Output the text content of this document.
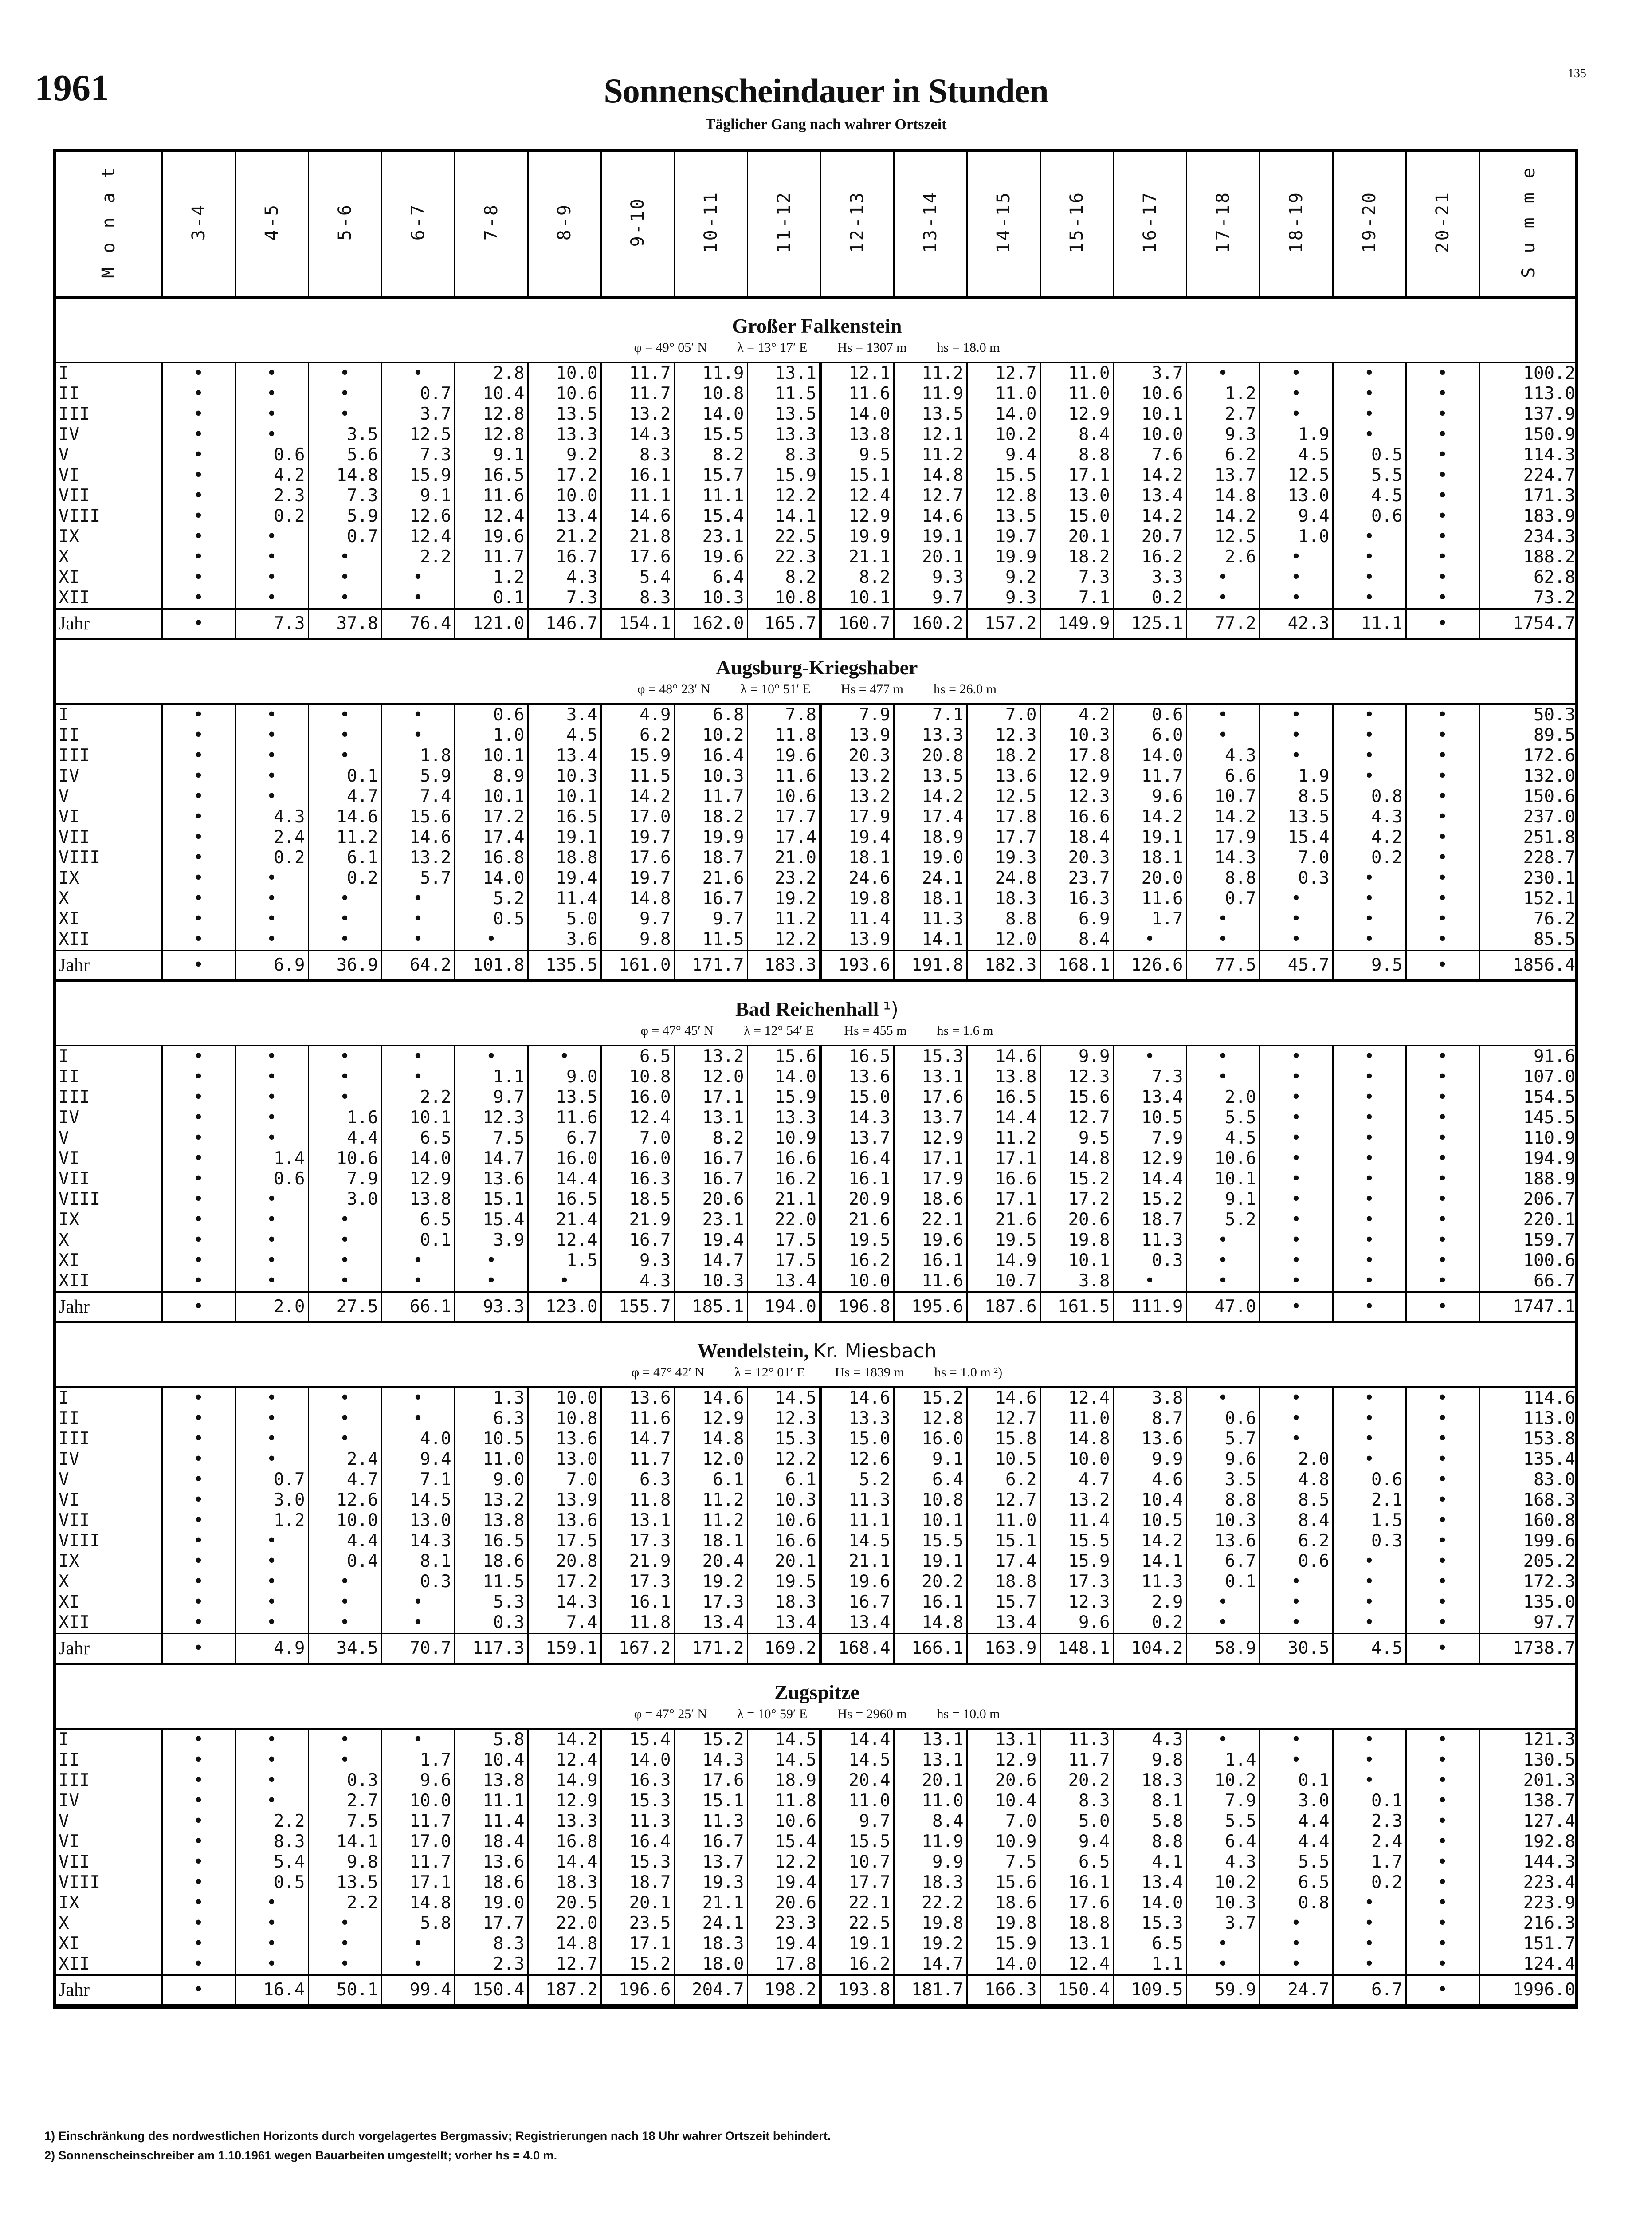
1961	Sonnenscheindauer in Stunden
Täglicher Gang nach wahrer Ortszeit
135
M o n a t	3-4	4-5	5-6	6-7	7-8	8-9	9-10	10-11	11-12	12-13	13-14	14-15	15-16	16-17	17-18	18-19	19-20	20-21	S u m m e
Großer Falkenstein																			
φ = 49° 05′ N λ = 13° 17′ E Hs = 1307 m hs = 18.0 m																			
I	•	•	•	•	2.8	10.0	11.7	11.9	13.1	12.1	11.2	12.7	11.0	3.7	•	•	•	•	100.2
II	•	•	•	0.7	10.4	10.6	11.7	10.8	11.5	11.6	11.9	11.0	11.0	10.6	1.2	•	•	•	113.0
III	•	•	•	3.7	12.8	13.5	13.2	14.0	13.5	14.0	13.5	14.0	12.9	10.1	2.7	•	•	•	137.9
IV	•	•	3.5	12.5	12.8	13.3	14.3	15.5	13.3	13.8	12.1	10.2	8.4	10.0	9.3	1.9	•	•	150.9
V	•	0.6	5.6	7.3	9.1	9.2	8.3	8.2	8.3	9.5	11.2	9.4	8.8	7.6	6.2	4.5	0.5	•	114.3
VI	•	4.2	14.8	15.9	16.5	17.2	16.1	15.7	15.9	15.1	14.8	15.5	17.1	14.2	13.7	12.5	5.5	•	224.7
VII	•	2.3	7.3	9.1	11.6	10.0	11.1	11.1	12.2	12.4	12.7	12.8	13.0	13.4	14.8	13.0	4.5	•	171.3
VIII	•	0.2	5.9	12.6	12.4	13.4	14.6	15.4	14.1	12.9	14.6	13.5	15.0	14.2	14.2	9.4	0.6	•	183.9
IX	•	•	0.7	12.4	19.6	21.2	21.8	23.1	22.5	19.9	19.1	19.7	20.1	20.7	12.5	1.0	•	•	234.3
X	•	•	•	2.2	11.7	16.7	17.6	19.6	22.3	21.1	20.1	19.9	18.2	16.2	2.6	•	•	•	188.2
XI	•	•	•	•	1.2	4.3	5.4	6.4	8.2	8.2	9.3	9.2	7.3	3.3	•	•	•	•	62.8
XII	•	•	•	•	0.1	7.3	8.3	10.3	10.8	10.1	9.7	9.3	7.1	0.2	•	•	•	•	73.2
Jahr	•	7.3	37.8	76.4	121.0	146.7	154.1	162.0	165.7	160.7	160.2	157.2	149.9	125.1	77.2	42.3	11.1	•	1754.7
Augsburg-Kriegshaber																			
φ = 48° 23′ N λ = 10° 51′ E Hs = 477 m hs = 26.0 m																			
I	•	•	•	•	0.6	3.4	4.9	6.8	7.8	7.9	7.1	7.0	4.2	0.6	•	•	•	•	50.3
II	•	•	•	•	1.0	4.5	6.2	10.2	11.8	13.9	13.3	12.3	10.3	6.0	•	•	•	•	89.5
III	•	•	•	1.8	10.1	13.4	15.9	16.4	19.6	20.3	20.8	18.2	17.8	14.0	4.3	•	•	•	172.6
IV	•	•	0.1	5.9	8.9	10.3	11.5	10.3	11.6	13.2	13.5	13.6	12.9	11.7	6.6	1.9	•	•	132.0
V	•	•	4.7	7.4	10.1	10.1	14.2	11.7	10.6	13.2	14.2	12.5	12.3	9.6	10.7	8.5	0.8	•	150.6
VI	•	4.3	14.6	15.6	17.2	16.5	17.0	18.2	17.7	17.9	17.4	17.8	16.6	14.2	14.2	13.5	4.3	•	237.0
VII	•	2.4	11.2	14.6	17.4	19.1	19.7	19.9	17.4	19.4	18.9	17.7	18.4	19.1	17.9	15.4	4.2	•	251.8
VIII	•	0.2	6.1	13.2	16.8	18.8	17.6	18.7	21.0	18.1	19.0	19.3	20.3	18.1	14.3	7.0	0.2	•	228.7
IX	•	•	0.2	5.7	14.0	19.4	19.7	21.6	23.2	24.6	24.1	24.8	23.7	20.0	8.8	0.3	•	•	230.1
X	•	•	•	•	5.2	11.4	14.8	16.7	19.2	19.8	18.1	18.3	16.3	11.6	0.7	•	•	•	152.1
XI	•	•	•	•	0.5	5.0	9.7	9.7	11.2	11.4	11.3	8.8	6.9	1.7	•	•	•	•	76.2
XII	•	•	•	•	•	3.6	9.8	11.5	12.2	13.9	14.1	12.0	8.4	•	•	•	•	•	85.5
Jahr	•	6.9	36.9	64.2	101.8	135.5	161.0	171.7	183.3	193.6	191.8	182.3	168.1	126.6	77.5	45.7	9.5	•	1856.4
Bad Reichenhall ¹)																			
φ = 47° 45′ N λ = 12° 54′ E Hs = 455 m hs = 1.6 m																			
I	•	•	•	•	•	•	6.5	13.2	15.6	16.5	15.3	14.6	9.9	•	•	•	•	•	91.6
II	•	•	•	•	1.1	9.0	10.8	12.0	14.0	13.6	13.1	13.8	12.3	7.3	•	•	•	•	107.0
III	•	•	•	2.2	9.7	13.5	16.0	17.1	15.9	15.0	17.6	16.5	15.6	13.4	2.0	•	•	•	154.5
IV	•	•	1.6	10.1	12.3	11.6	12.4	13.1	13.3	14.3	13.7	14.4	12.7	10.5	5.5	•	•	•	145.5
V	•	•	4.4	6.5	7.5	6.7	7.0	8.2	10.9	13.7	12.9	11.2	9.5	7.9	4.5	•	•	•	110.9
VI	•	1.4	10.6	14.0	14.7	16.0	16.0	16.7	16.6	16.4	17.1	17.1	14.8	12.9	10.6	•	•	•	194.9
VII	•	0.6	7.9	12.9	13.6	14.4	16.3	16.7	16.2	16.1	17.9	16.6	15.2	14.4	10.1	•	•	•	188.9
VIII	•	•	3.0	13.8	15.1	16.5	18.5	20.6	21.1	20.9	18.6	17.1	17.2	15.2	9.1	•	•	•	206.7
IX	•	•	•	6.5	15.4	21.4	21.9	23.1	22.0	21.6	22.1	21.6	20.6	18.7	5.2	•	•	•	220.1
X	•	•	•	0.1	3.9	12.4	16.7	19.4	17.5	19.5	19.6	19.5	19.8	11.3	•	•	•	•	159.7
XI	•	•	•	•	•	1.5	9.3	14.7	17.5	16.2	16.1	14.9	10.1	0.3	•	•	•	•	100.6
XII	•	•	•	•	•	•	4.3	10.3	13.4	10.0	11.6	10.7	3.8	•	•	•	•	•	66.7
Jahr	•	2.0	27.5	66.1	93.3	123.0	155.7	185.1	194.0	196.8	195.6	187.6	161.5	111.9	47.0	•	•	•	1747.1
Wendelstein, Kr. Miesbach																			
φ = 47° 42′ N λ = 12° 01′ E Hs = 1839 m hs = 1.0 m ²)																			
I	•	•	•	•	1.3	10.0	13.6	14.6	14.5	14.6	15.2	14.6	12.4	3.8	•	•	•	•	114.6
II	•	•	•	•	6.3	10.8	11.6	12.9	12.3	13.3	12.8	12.7	11.0	8.7	0.6	•	•	•	113.0
III	•	•	•	4.0	10.5	13.6	14.7	14.8	15.3	15.0	16.0	15.8	14.8	13.6	5.7	•	•	•	153.8
IV	•	•	2.4	9.4	11.0	13.0	11.7	12.0	12.2	12.6	9.1	10.5	10.0	9.9	9.6	2.0	•	•	135.4
V	•	0.7	4.7	7.1	9.0	7.0	6.3	6.1	6.1	5.2	6.4	6.2	4.7	4.6	3.5	4.8	0.6	•	83.0
VI	•	3.0	12.6	14.5	13.2	13.9	11.8	11.2	10.3	11.3	10.8	12.7	13.2	10.4	8.8	8.5	2.1	•	168.3
VII	•	1.2	10.0	13.0	13.8	13.6	13.1	11.2	10.6	11.1	10.1	11.0	11.4	10.5	10.3	8.4	1.5	•	160.8
VIII	•	•	4.4	14.3	16.5	17.5	17.3	18.1	16.6	14.5	15.5	15.1	15.5	14.2	13.6	6.2	0.3	•	199.6
IX	•	•	0.4	8.1	18.6	20.8	21.9	20.4	20.1	21.1	19.1	17.4	15.9	14.1	6.7	0.6	•	•	205.2
X	•	•	•	0.3	11.5	17.2	17.3	19.2	19.5	19.6	20.2	18.8	17.3	11.3	0.1	•	•	•	172.3
XI	•	•	•	•	5.3	14.3	16.1	17.3	18.3	16.7	16.1	15.7	12.3	2.9	•	•	•	•	135.0
XII	•	•	•	•	0.3	7.4	11.8	13.4	13.4	13.4	14.8	13.4	9.6	0.2	•	•	•	•	97.7
Jahr	•	4.9	34.5	70.7	117.3	159.1	167.2	171.2	169.2	168.4	166.1	163.9	148.1	104.2	58.9	30.5	4.5	•	1738.7
Zugspitze																			
φ = 47° 25′ N λ = 10° 59′ E Hs = 2960 m hs = 10.0 m																			
I	•	•	•	•	5.8	14.2	15.4	15.2	14.5	14.4	13.1	13.1	11.3	4.3	•	•	•	•	121.3
II	•	•	•	1.7	10.4	12.4	14.0	14.3	14.5	14.5	13.1	12.9	11.7	9.8	1.4	•	•	•	130.5
III	•	•	0.3	9.6	13.8	14.9	16.3	17.6	18.9	20.4	20.1	20.6	20.2	18.3	10.2	0.1	•	•	201.3
IV	•	•	2.7	10.0	11.1	12.9	15.3	15.1	11.8	11.0	11.0	10.4	8.3	8.1	7.9	3.0	0.1	•	138.7
V	•	2.2	7.5	11.7	11.4	13.3	11.3	11.3	10.6	9.7	8.4	7.0	5.0	5.8	5.5	4.4	2.3	•	127.4
VI	•	8.3	14.1	17.0	18.4	16.8	16.4	16.7	15.4	15.5	11.9	10.9	9.4	8.8	6.4	4.4	2.4	•	192.8
VII	•	5.4	9.8	11.7	13.6	14.4	15.3	13.7	12.2	10.7	9.9	7.5	6.5	4.1	4.3	5.5	1.7	•	144.3
VIII	•	0.5	13.5	17.1	18.6	18.3	18.7	19.3	19.4	17.7	18.3	15.6	16.1	13.4	10.2	6.5	0.2	•	223.4
IX	•	•	2.2	14.8	19.0	20.5	20.1	21.1	20.6	22.1	22.2	18.6	17.6	14.0	10.3	0.8	•	•	223.9
X	•	•	•	5.8	17.7	22.0	23.5	24.1	23.3	22.5	19.8	19.8	18.8	15.3	3.7	•	•	•	216.3
XI	•	•	•	•	8.3	14.8	17.1	18.3	19.4	19.1	19.2	15.9	13.1	6.5	•	•	•	•	151.7
XII	•	•	•	•	2.3	12.7	15.2	18.0	17.8	16.2	14.7	14.0	12.4	1.1	•	•	•	•	124.4
Jahr	•	16.4	50.1	99.4	150.4	187.2	196.6	204.7	198.2	193.8	181.7	166.3	150.4	109.5	59.9	24.7	6.7	•	1996.0
1) Einschränkung des nordwestlichen Horizonts durch vorgelagertes Bergmassiv; Registrierungen nach 18 Uhr wahrer Ortszeit behindert.
2) Sonnenscheinschreiber am 1.10.1961 wegen Bauarbeiten umgestellt; vorher hs = 4.0 m.
